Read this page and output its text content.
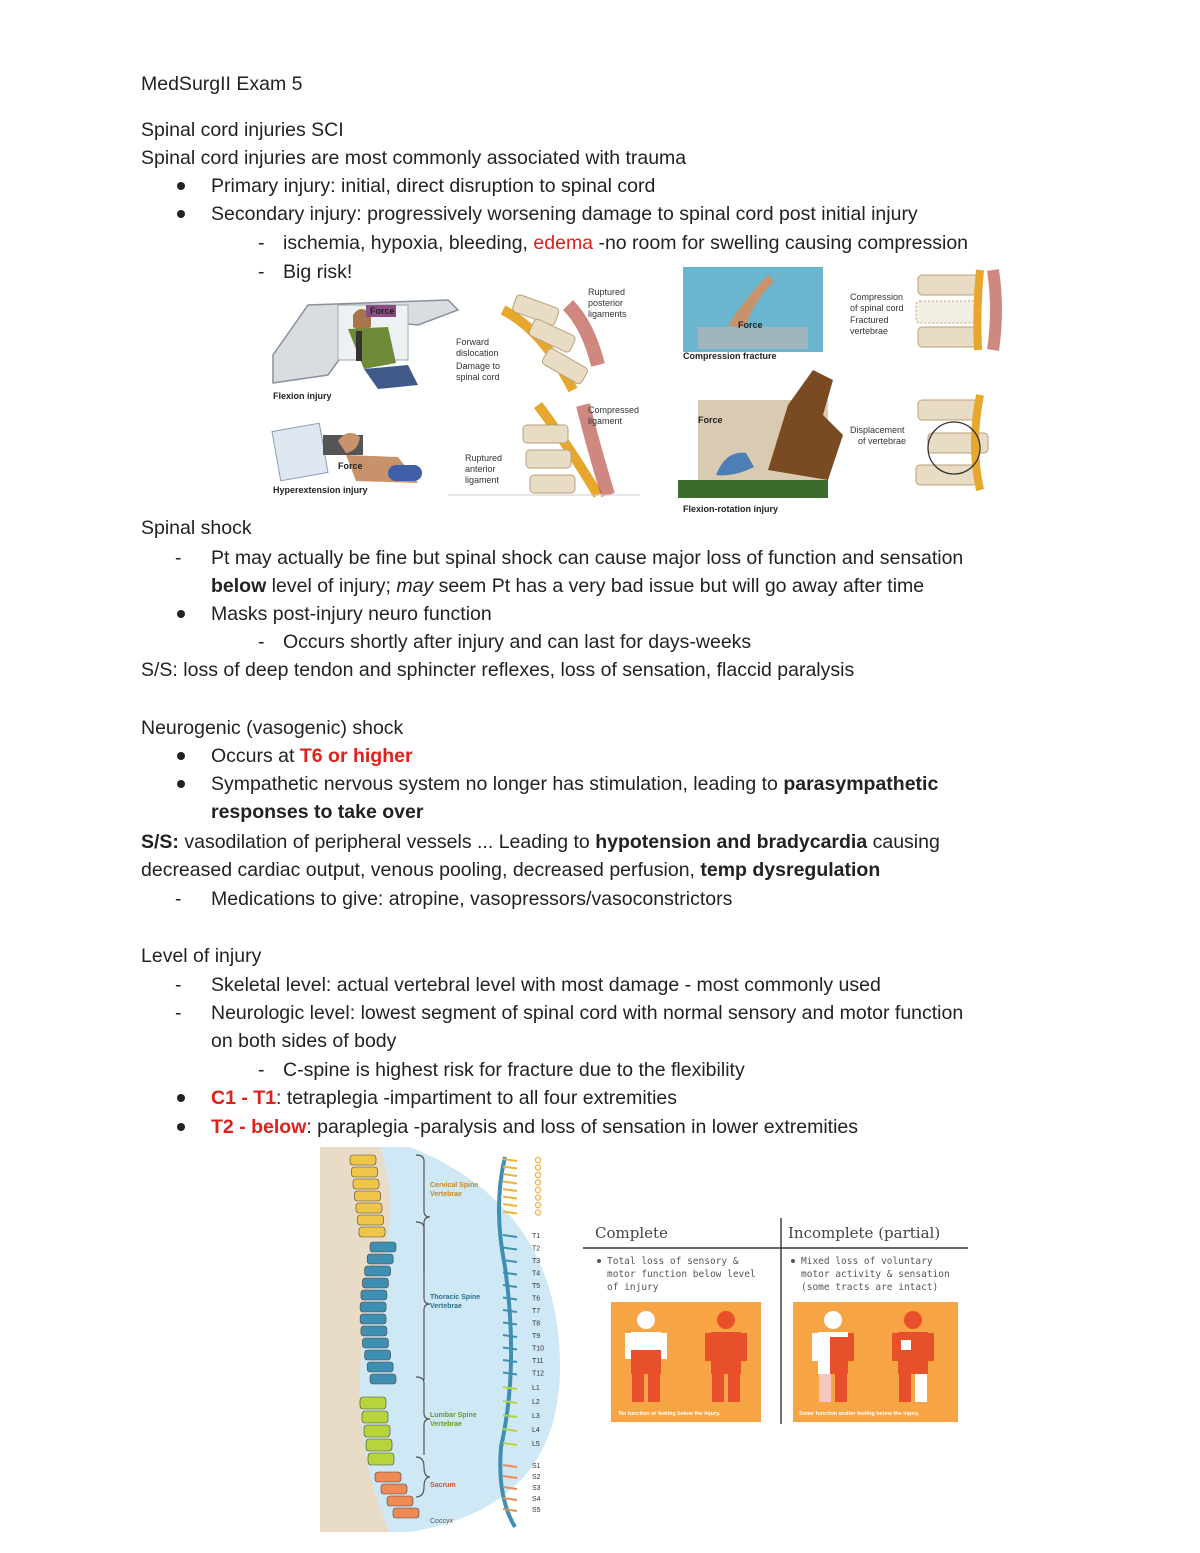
MedSurgII Exam 5
Spinal cord injuries SCI
Spinal cord injuries are most commonly associated with trauma
Primary injury: initial, direct disruption to spinal cord
Secondary injury: progressively worsening damage to spinal cord post initial injury
- ischemia, hypoxia, bleeding, edema -no room for swelling causing compression
- Big risk!
Force
Flexion injury
Ruptured
posterior
ligaments
Forward
dislocation
Damage to
spinal cord
Force
Hyperextension injury
Compressed
ligament
Ruptured
anterior
ligament
Force
Compression fracture
Compression
of spinal cord
Fractured
vertebrae
Force
Flexion-rotation injury
Displacement
of vertebrae
Spinal shock
- Pt may actually be fine but spinal shock can cause major loss of function and sensation
below level of injury; may seem Pt has a very bad issue but will go away after time
Masks post-injury neuro function
- Occurs shortly after injury and can last for days-weeks
S/S: loss of deep tendon and sphincter reflexes, loss of sensation, flaccid paralysis
Neurogenic (vasogenic) shock
Occurs at T6 or higher
Sympathetic nervous system no longer has stimulation, leading to parasympathetic
responses to take over
S/S: vasodilation of peripheral vessels ... Leading to hypotension and bradycardia causing
decreased cardiac output, venous pooling, decreased perfusion, temp dysregulation
- Medications to give: atropine, vasopressors/vasoconstrictors
Level of injury
- Skeletal level: actual vertebral level with most damage - most commonly used
- Neurologic level: lowest segment of spinal cord with normal sensory and motor function
on both sides of body
- C-spine is highest risk for fracture due to the flexibility
C1 - T1: tetraplegia -impartiment to all four extremities
T2 - below: paraplegia -paralysis and loss of sensation in lower extremities
Cervical Spine
Vertebrae
Thoracic Spine
Vertebrae
Lumbar Spine
Vertebrae
Sacrum
Coccyx
T1
T2
T3
T4
T5
T6
T7
T8
T9
T10
T11
T12
L1
L2
L3
L4
L5
S1
S2
S3
S4
S5
Complete	Incomplete (partial)
Total loss of sensory &
motor function below level
of injury
Mixed loss of voluntary
motor activity & sensation
(some tracts are intact)
No function or feeling below the injury.	Some function and/or feeling below the injury.
